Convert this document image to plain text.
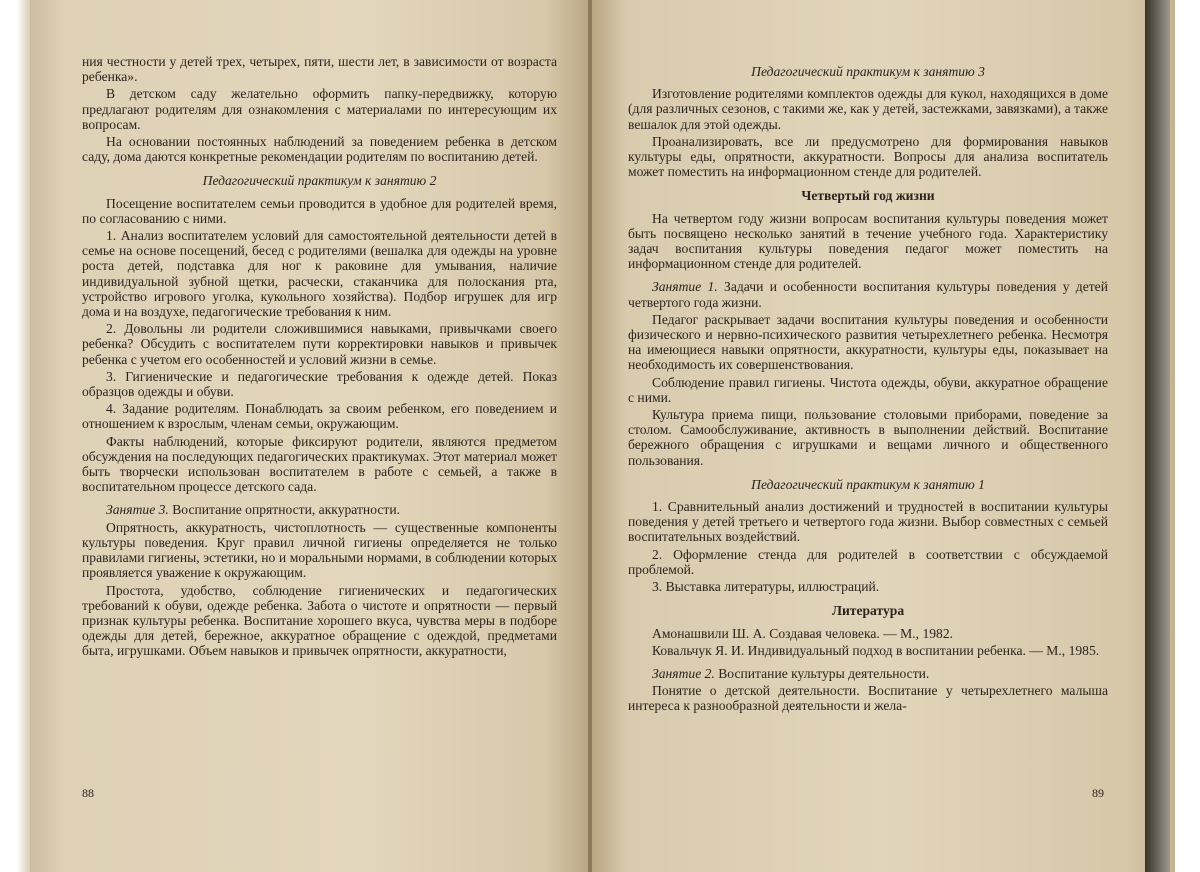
ния честности у детей трех, четырех, пяти, шести лет, в зависимости от возраста ребенка».

В детском саду желательно оформить папку-передвижку, которую предлагают родителям для ознакомления с материалами по интересующим их вопросам.

На основании постоянных наблюдений за поведением ребенка в детском саду, дома даются конкретные рекомендации родителям по воспитанию детей.

Педагогический практикум к занятию 2

Посещение воспитателем семьи проводится в удобное для родителей время, по согласованию с ними.

1. Анализ воспитателем условий для самостоятельной деятельности детей в семье на основе посещений, бесед с родителями (вешалка для одежды на уровне роста детей, подставка для ног к раковине для умывания, наличие индивидуальной зубной щетки, расчески, стаканчика для полоскания рта, устройство игрового уголка, кукольного хозяйства). Подбор игрушек для игр дома и на воздухе, педагогические требования к ним.

2. Довольны ли родители сложившимися навыками, привычками своего ребенка? Обсудить с воспитателем пути корректировки навыков и привычек ребенка с учетом его особенностей и условий жизни в семье.

3. Гигиенические и педагогические требования к одежде детей. Показ образцов одежды и обуви.

4. Задание родителям. Понаблюдать за своим ребенком, его поведением и отношением к взрослым, членам семьи, окружающим.

Факты наблюдений, которые фиксируют родители, являются предметом обсуждения на последующих педагогических практикумах. Этот материал может быть творчески использован воспитателем в работе с семьей, а также в воспитательном процессе детского сада.

Занятие 3. Воспитание опрятности, аккуратности.

Опрятность, аккуратность, чистоплотность — существенные компоненты культуры поведения. Круг правил личной гигиены определяется не только правилами гигиены, эстетики, но и моральными нормами, в соблюдении которых проявляется уважение к окружающим.

Простота, удобство, соблюдение гигиенических и педагогических требований к обуви, одежде ребенка. Забота о чистоте и опрятности — первый признак культуры ребенка. Воспитание хорошего вкуса, чувства меры в подборе одежды для детей, бережное, аккуратное обращение с одеждой, предметами быта, игрушками. Объем навыков и привычек опрятности, аккуратности,

88

Педагогический практикум к занятию 3

Изготовление родителями комплектов одежды для кукол, находящихся в доме (для различных сезонов, с такими же, как у детей, застежками, завязками), а также вешалок для этой одежды.

Проанализировать, все ли предусмотрено для формирования навыков культуры еды, опрятности, аккуратности. Вопросы для анализа воспитатель может поместить на информационном стенде для родителей.

Четвертый год жизни

На четвертом году жизни вопросам воспитания культуры поведения может быть посвящено несколько занятий в течение учебного года. Характеристику задач воспитания культуры поведения педагог может поместить на информационном стенде для родителей.

Занятие 1. Задачи и особенности воспитания культуры поведения у детей четвертого года жизни.

Педагог раскрывает задачи воспитания культуры поведения и особенности физического и нервно-психического развития четырехлетнего ребенка. Несмотря на имеющиеся навыки опрятности, аккуратности, культуры еды, показывает на необходимость их совершенствования.

Соблюдение правил гигиены. Чистота одежды, обуви, аккуратное обращение с ними.

Культура приема пищи, пользование столовыми приборами, поведение за столом. Самообслуживание, активность в выполнении действий. Воспитание бережного обращения с игрушками и вещами личного и общественного пользования.

Педагогический практикум к занятию 1

1. Сравнительный анализ достижений и трудностей в воспитании культуры поведения у детей третьего и четвертого года жизни. Выбор совместных с семьей воспитательных воздействий.

2. Оформление стенда для родителей в соответствии с обсуждаемой проблемой.

3. Выставка литературы, иллюстраций.

Литература

Амонашвили Ш. А. Создавая человека. — М., 1982.

Ковальчук Я. И. Индивидуальный подход в воспитании ребенка. — М., 1985.

Занятие 2. Воспитание культуры деятельности.

Понятие о детской деятельности. Воспитание у четырехлетнего малыша интереса к разнообразной деятельности и жела-

89
